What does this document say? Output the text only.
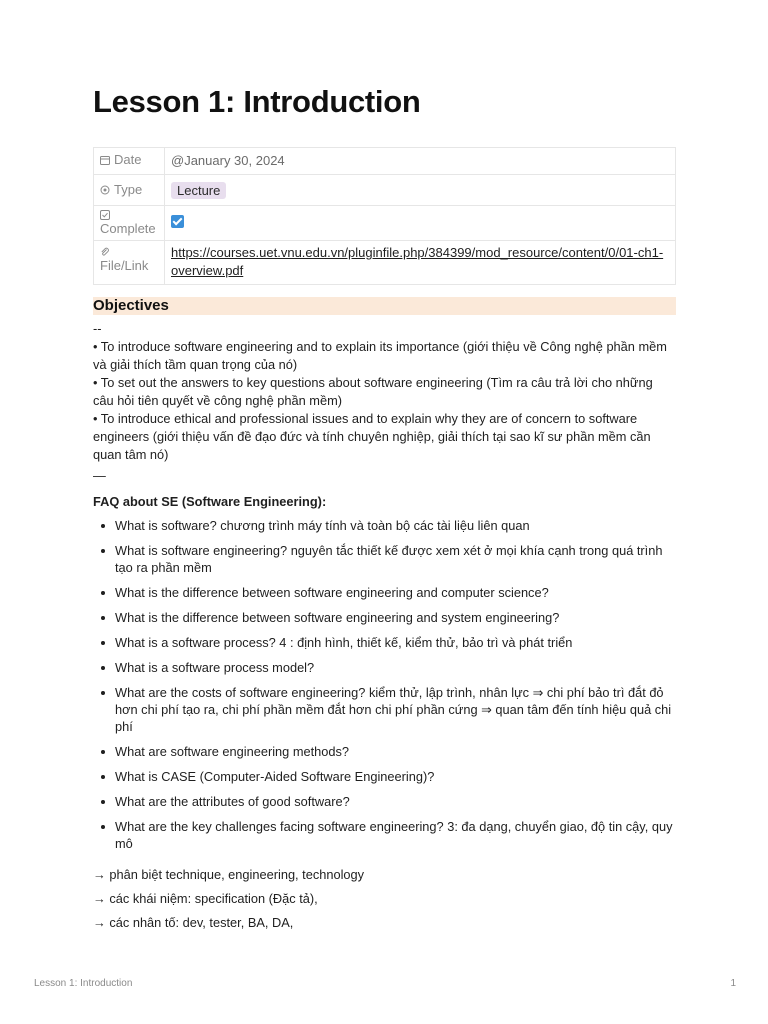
Lesson 1: Introduction
Date	@January 30, 2024

Type	Lecture

Complete	

File/Link	https://courses.uet.vnu.edu.vn/pluginfile.php/384399/mod_resource/content/0/01-ch1-overview.pdf
Objectives

--

• To introduce software engineering and to explain its importance (giới thiệu về Công nghệ phần mềm và giải thích tầm quan trọng của nó)

• To set out the answers to key questions about software engineering (Tìm ra câu trả lời cho những câu hỏi tiên quyết về công nghệ phần mềm)

• To introduce ethical and professional issues and to explain why they are of concern to software engineers (giới thiệu vấn đề đạo đức và tính chuyên nghiệp, giải thích tại sao kĩ sư phần mềm cần quan tâm nó)

—

FAQ about SE (Software Engineering):
What is software? chương trình máy tính và toàn bộ các tài liệu liên quan
What is software engineering? nguyên tắc thiết kế được xem xét ở mọi khía cạnh trong quá trình tạo ra phần mềm
What is the difference between software engineering and computer science?
What is the difference between software engineering and system engineering?
What is a software process? 4 : định hình, thiết kế, kiểm thử, bảo trì và phát triển
What is a software process model?
What are the costs of software engineering? kiểm thử, lập trình, nhân lực ⇒ chi phí bảo trì đắt đỏ hơn chi phí tạo ra, chi phí phần mềm đắt hơn chi phí phần cứng ⇒ quan tâm đến tính hiệu quả chi phí
What are software engineering methods?
What is CASE (Computer-Aided Software Engineering)?
What are the attributes of good software?
What are the key challenges facing software engineering? 3: đa dạng, chuyển giao, độ tin cậy, quy mô

→ phân biệt technique, engineering, technology

→ các khái niệm: specification (Đặc tả),

→ các nhân tố: dev, tester, BA, DA,

Lesson 1: Introduction	1
